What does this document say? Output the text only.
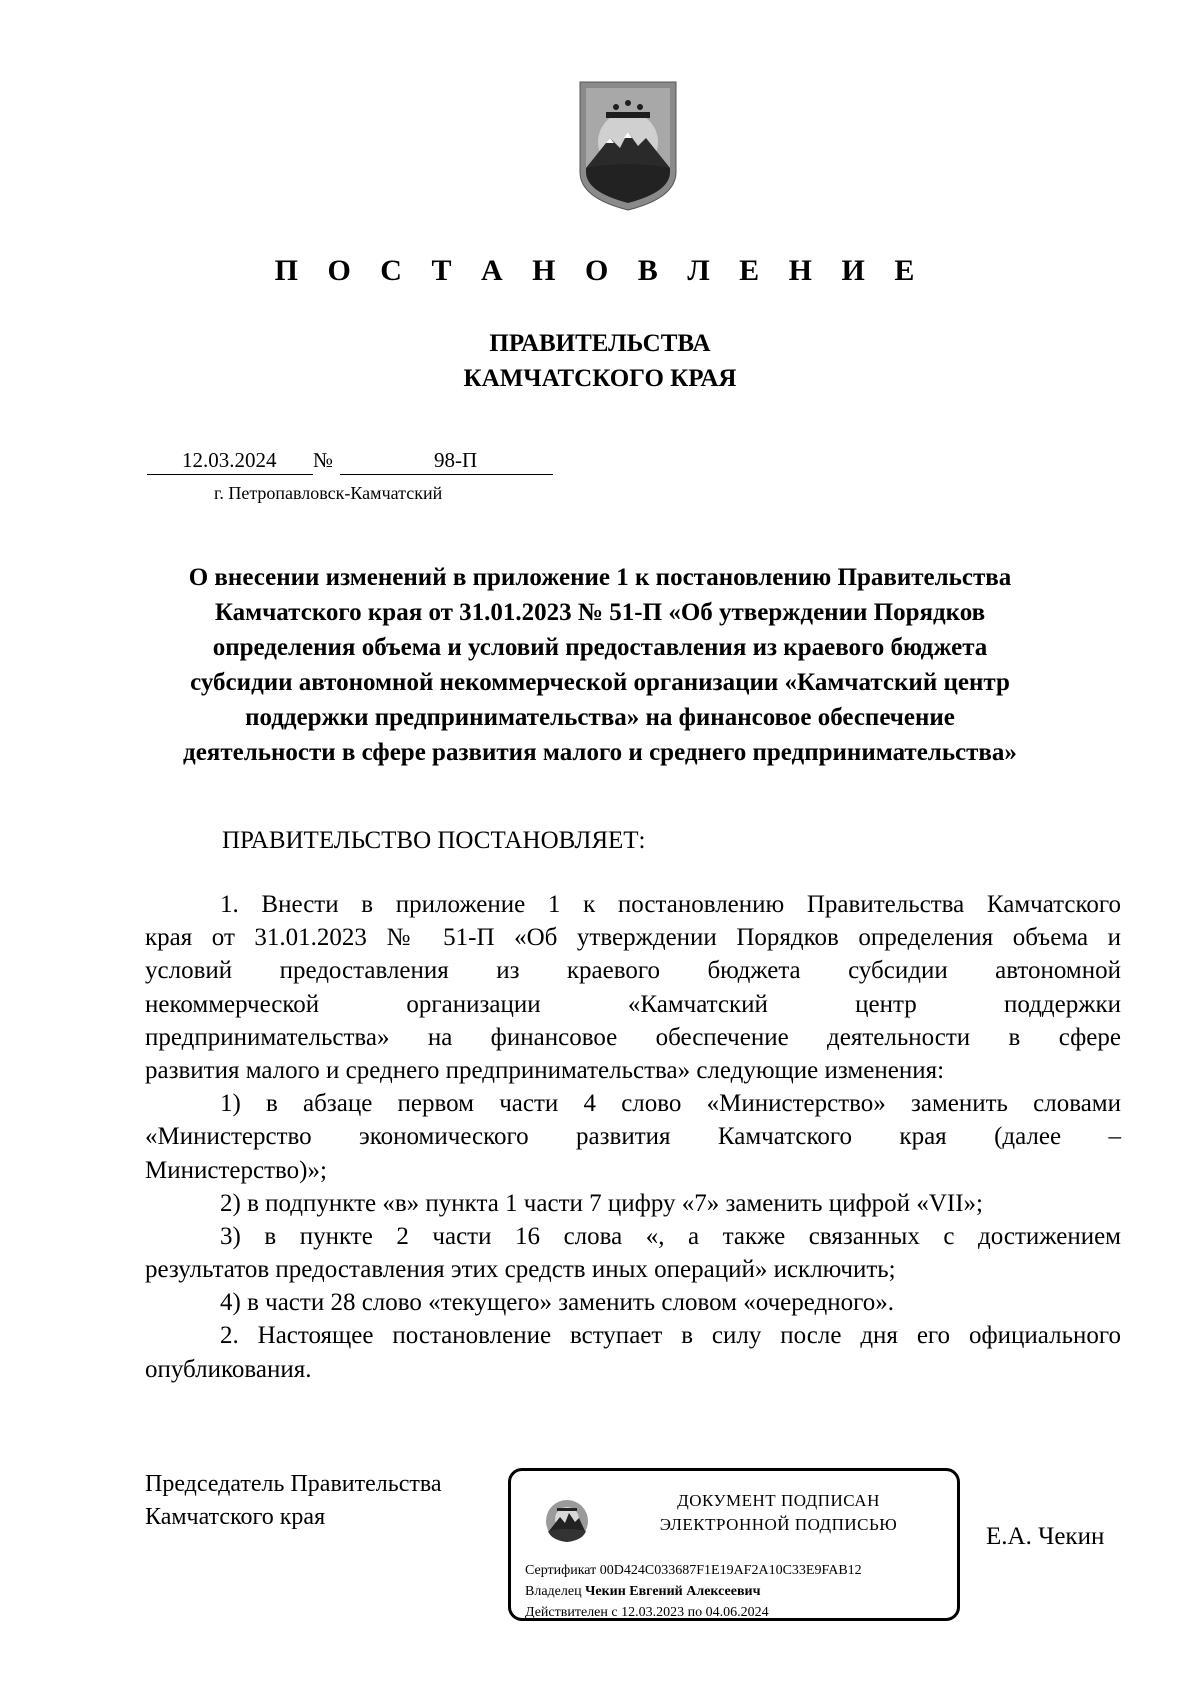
П О С Т А Н О В Л Е Н И Е
ПРАВИТЕЛЬСТВА
КАМЧАТСКОГО КРАЯ
12.03.2024 №	98-П
г. Петропавловск-Камчатский
О внесении изменений в приложение 1 к постановлению Правительства
Камчатского края от 31.01.2023 № 51-П «Об утверждении Порядков
определения объема и условий предоставления из краевого бюджета
субсидии автономной некоммерческой организации «Камчатский центр
поддержки предпринимательства» на финансовое обеспечение
деятельности в сфере развития малого и среднего предпринимательства»
ПРАВИТЕЛЬСТВО ПОСТАНОВЛЯЕТ:
1. Внести в приложение 1 к постановлению Правительства Камчатского
края от 31.01.2023 № 51-П «Об утверждении Порядков определения объема и
условий предоставления из краевого бюджета субсидии автономной
некоммерческой организации «Камчатский центр поддержки
предпринимательства» на финансовое обеспечение деятельности в сфере
развития малого и среднего предпринимательства» следующие изменения:
1) в абзаце первом части 4 слово «Министерство» заменить словами
«Министерство экономического развития Камчатского края (далее –
Министерство)»;
2) в подпункте «в» пункта 1 части 7 цифру «7» заменить цифрой «VII»;
3) в пункте 2 части 16 слова «, а также связанных с достижением
результатов предоставления этих средств иных операций» исключить;
4) в части 28 слово «текущего» заменить словом «очередного».
2. Настоящее постановление вступает в силу после дня его официального
опубликования.
Председатель Правительства
Камчатского края
ДОКУМЕНТ ПОДПИСАН
ЭЛЕКТРОННОЙ ПОДПИСЬЮ
Сертификат 00D424C033687F1E19AF2A10C33E9FAB12
Владелец Чекин Евгений Алексеевич
Действителен с 12.03.2023 по 04.06.2024
Е.А. Чекин
